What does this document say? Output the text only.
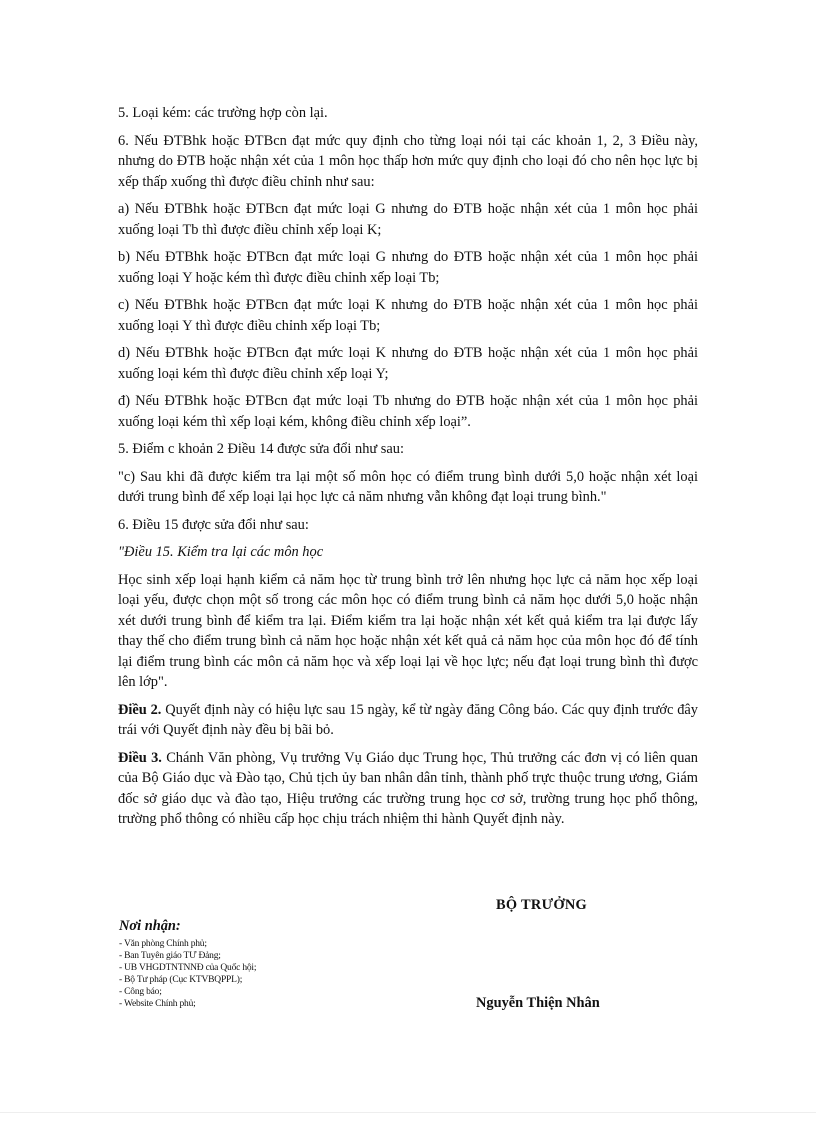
5. Loại kém: các trường hợp còn lại.

6. Nếu ĐTBhk hoặc ĐTBcn đạt mức quy định cho từng loại nói tại các khoản 1, 2, 3 Điều này, nhưng do ĐTB hoặc nhận xét của 1 môn học thấp hơn mức quy định cho loại đó cho nên học lực bị xếp thấp xuống thì được điều chỉnh như sau:

a) Nếu ĐTBhk hoặc ĐTBcn đạt mức loại G nhưng do ĐTB hoặc nhận xét của 1 môn học phải xuống loại Tb thì được điều chỉnh xếp loại K;

b) Nếu ĐTBhk hoặc ĐTBcn đạt mức loại G nhưng do ĐTB hoặc nhận xét của 1 môn học phải xuống loại Y hoặc kém thì được điều chỉnh xếp loại Tb;

c) Nếu ĐTBhk hoặc ĐTBcn đạt mức loại K nhưng do ĐTB hoặc nhận xét của 1 môn học phải xuống loại Y thì được điều chỉnh xếp loại Tb;

d) Nếu ĐTBhk hoặc ĐTBcn đạt mức loại K nhưng do ĐTB hoặc nhận xét của 1 môn học phải xuống loại kém thì được điều chỉnh xếp loại Y;

đ) Nếu ĐTBhk hoặc ĐTBcn đạt mức loại Tb nhưng do ĐTB hoặc nhận xét của 1 môn học phải xuống loại kém thì xếp loại kém, không điều chỉnh xếp loại”.

5. Điểm c khoản 2 Điều 14 được sửa đổi như sau:

"c) Sau khi đã được kiểm tra lại một số môn học có điểm trung bình dưới 5,0 hoặc nhận xét loại dưới trung bình để xếp loại lại học lực cả năm nhưng vẫn không đạt loại trung bình."

6. Điều 15 được sửa đổi như sau:

"Điều 15. Kiểm tra lại các môn học

Học sinh xếp loại hạnh kiểm cả năm học từ trung bình trở lên nhưng học lực cả năm học xếp loại loại yếu, được chọn một số trong các môn học có điểm trung bình cả năm học dưới 5,0 hoặc nhận xét dưới trung bình để kiểm tra lại. Điểm kiểm tra lại hoặc nhận xét kết quả kiểm tra lại được lấy thay thế cho điểm trung bình cả năm học hoặc nhận xét kết quả cả năm học của môn học đó để tính lại điểm trung bình các môn cả năm học và xếp loại lại về học lực; nếu đạt loại trung bình thì được lên lớp".

Điều 2. Quyết định này có hiệu lực sau 15 ngày, kể từ ngày đăng Công báo. Các quy định trước đây trái với Quyết định này đều bị bãi bỏ.

Điều 3. Chánh Văn phòng, Vụ trưởng Vụ Giáo dục Trung học, Thủ trưởng các đơn vị có liên quan của Bộ Giáo dục và Đào tạo, Chủ tịch ủy ban nhân dân tỉnh, thành phố trực thuộc trung ương, Giám đốc sở giáo dục và đào tạo, Hiệu trưởng các trường trung học cơ sở, trường trung học phổ thông, trường phổ thông có nhiều cấp học chịu trách nhiệm thi hành Quyết định này.

BỘ TRƯỞNG
Nguyễn Thiện Nhân
Nơi nhận:
- Văn phòng Chính phủ;
- Ban Tuyên giáo TƯ Đảng;
- UB VHGDTNTNNĐ của Quốc hội;
- Bộ Tư pháp (Cục KTVBQPPL);
- Công báo;
- Website Chính phủ;
